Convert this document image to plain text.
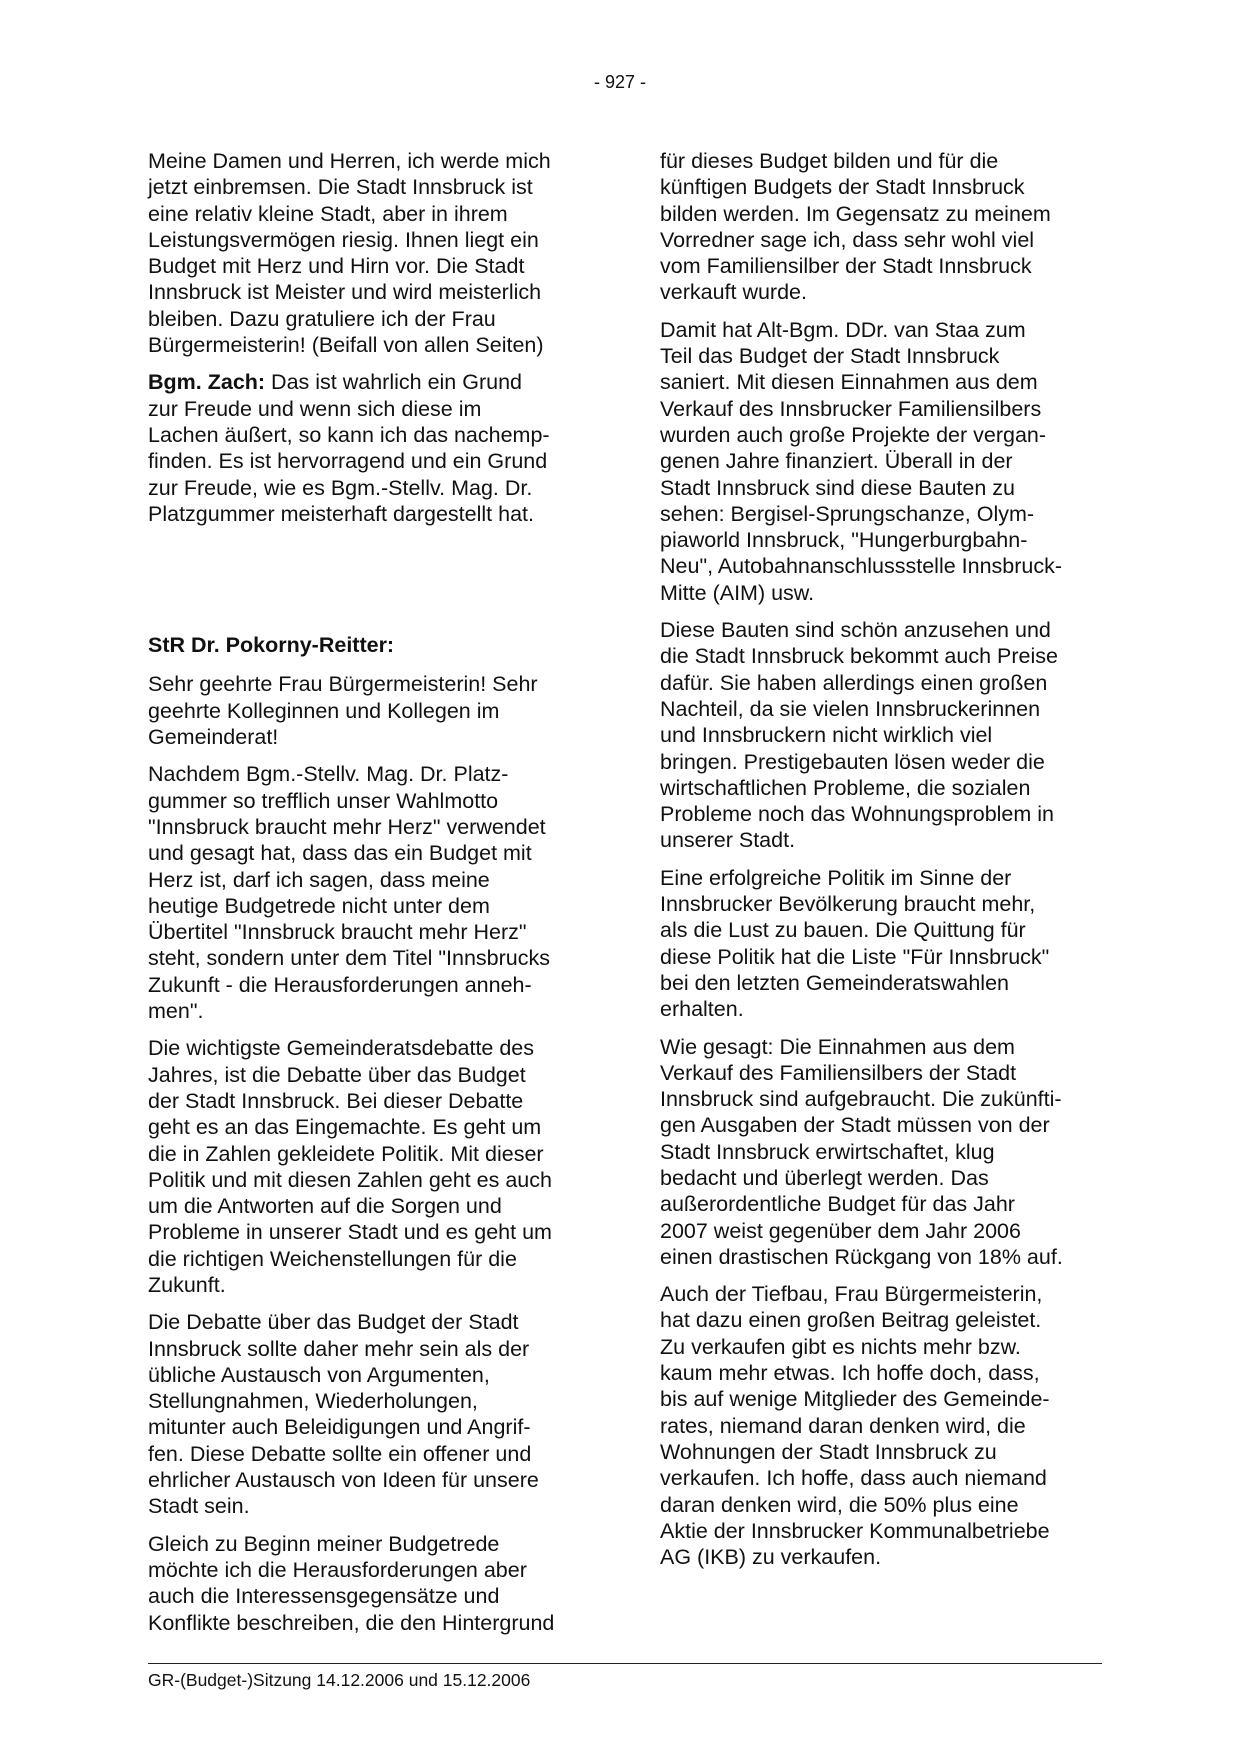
- 927 -

Meine Damen und Herren, ich werde mich
jetzt einbremsen. Die Stadt Innsbruck ist
eine relativ kleine Stadt, aber in ihrem
Leistungsvermögen riesig. Ihnen liegt ein
Budget mit Herz und Hirn vor. Die Stadt
Innsbruck ist Meister und wird meisterlich
bleiben. Dazu gratuliere ich der Frau
Bürgermeisterin! (Beifall von allen Seiten)

Bgm. Zach: Das ist wahrlich ein Grund
zur Freude und wenn sich diese im
Lachen äußert, so kann ich das nachemp-
finden. Es ist hervorragend und ein Grund
zur Freude, wie es Bgm.-Stellv. Mag. Dr.
Platzgummer meisterhaft dargestellt hat.

StR Dr. Pokorny-Reitter:

Sehr geehrte Frau Bürgermeisterin! Sehr
geehrte Kolleginnen und Kollegen im
Gemeinderat!

Nachdem Bgm.-Stellv. Mag. Dr. Platz-
gummer so trefflich unser Wahlmotto
"Innsbruck braucht mehr Herz" verwendet
und gesagt hat, dass das ein Budget mit
Herz ist, darf ich sagen, dass meine
heutige Budgetrede nicht unter dem
Übertitel "Innsbruck braucht mehr Herz"
steht, sondern unter dem Titel "Innsbrucks
Zukunft - die Herausforderungen anneh-
men".

Die wichtigste Gemeinderatsdebatte des
Jahres, ist die Debatte über das Budget
der Stadt Innsbruck. Bei dieser Debatte
geht es an das Eingemachte. Es geht um
die in Zahlen gekleidete Politik. Mit dieser
Politik und mit diesen Zahlen geht es auch
um die Antworten auf die Sorgen und
Probleme in unserer Stadt und es geht um
die richtigen Weichenstellungen für die
Zukunft.

Die Debatte über das Budget der Stadt
Innsbruck sollte daher mehr sein als der
übliche Austausch von Argumenten,
Stellungnahmen, Wiederholungen,
mitunter auch Beleidigungen und Angrif-
fen. Diese Debatte sollte ein offener und
ehrlicher Austausch von Ideen für unsere
Stadt sein.

Gleich zu Beginn meiner Budgetrede
möchte ich die Herausforderungen aber
auch die Interessensgegensätze und
Konflikte beschreiben, die den Hintergrund

für dieses Budget bilden und für die
künftigen Budgets der Stadt Innsbruck
bilden werden. Im Gegensatz zu meinem
Vorredner sage ich, dass sehr wohl viel
vom Familiensilber der Stadt Innsbruck
verkauft wurde.

Damit hat Alt-Bgm. DDr. van Staa zum
Teil das Budget der Stadt Innsbruck
saniert. Mit diesen Einnahmen aus dem
Verkauf des Innsbrucker Familiensilbers
wurden auch große Projekte der vergan-
genen Jahre finanziert. Überall in der
Stadt Innsbruck sind diese Bauten zu
sehen: Bergisel-Sprungschanze, Olym-
piaworld Innsbruck, "Hungerburgbahn-
Neu", Autobahnanschlussstelle Innsbruck-
Mitte (AIM) usw.

Diese Bauten sind schön anzusehen und
die Stadt Innsbruck bekommt auch Preise
dafür. Sie haben allerdings einen großen
Nachteil, da sie vielen Innsbruckerinnen
und Innsbruckern nicht wirklich viel
bringen. Prestigebauten lösen weder die
wirtschaftlichen Probleme, die sozialen
Probleme noch das Wohnungsproblem in
unserer Stadt.

Eine erfolgreiche Politik im Sinne der
Innsbrucker Bevölkerung braucht mehr,
als die Lust zu bauen. Die Quittung für
diese Politik hat die Liste "Für Innsbruck"
bei den letzten Gemeinderatswahlen
erhalten.

Wie gesagt: Die Einnahmen aus dem
Verkauf des Familiensilbers der Stadt
Innsbruck sind aufgebraucht. Die zukünfti-
gen Ausgaben der Stadt müssen von der
Stadt Innsbruck erwirtschaftet, klug
bedacht und überlegt werden. Das
außerordentliche Budget für das Jahr
2007 weist gegenüber dem Jahr 2006
einen drastischen Rückgang von 18% auf.

Auch der Tiefbau, Frau Bürgermeisterin,
hat dazu einen großen Beitrag geleistet.
Zu verkaufen gibt es nichts mehr bzw.
kaum mehr etwas. Ich hoffe doch, dass,
bis auf wenige Mitglieder des Gemeinde-
rates, niemand daran denken wird, die
Wohnungen der Stadt Innsbruck zu
verkaufen. Ich hoffe, dass auch niemand
daran denken wird, die 50% plus eine
Aktie der Innsbrucker Kommunalbetriebe
AG (IKB) zu verkaufen.

GR-(Budget-)Sitzung 14.12.2006 und 15.12.2006
